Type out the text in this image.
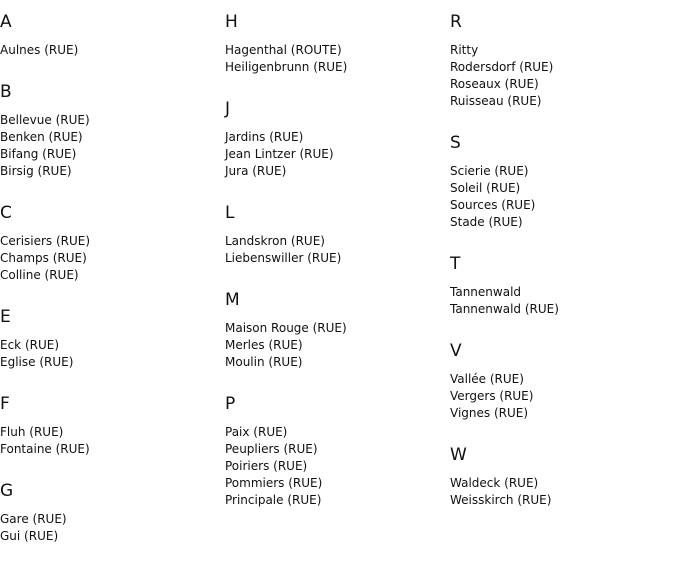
A
Aulnes (RUE)
B
Bellevue (RUE)
Benken (RUE)
Bifang (RUE)
Birsig (RUE)
C
Cerisiers (RUE)
Champs (RUE)
Colline (RUE)
E
Eck (RUE)
Eglise (RUE)
F
Fluh (RUE)
Fontaine (RUE)
G
Gare (RUE)
Gui (RUE)
H
Hagenthal (ROUTE)
Heiligenbrunn (RUE)
J
Jardins (RUE)
Jean Lintzer (RUE)
Jura (RUE)
L
Landskron (RUE)
Liebenswiller (RUE)
M
Maison Rouge (RUE)
Merles (RUE)
Moulin (RUE)
P
Paix (RUE)
Peupliers (RUE)
Poiriers (RUE)
Pommiers (RUE)
Principale (RUE)
R
Ritty
Rodersdorf (RUE)
Roseaux (RUE)
Ruisseau (RUE)
S
Scierie (RUE)
Soleil (RUE)
Sources (RUE)
Stade (RUE)
T
Tannenwald
Tannenwald (RUE)
V
Vallée (RUE)
Vergers (RUE)
Vignes (RUE)
W
Waldeck (RUE)
Weisskirch (RUE)
